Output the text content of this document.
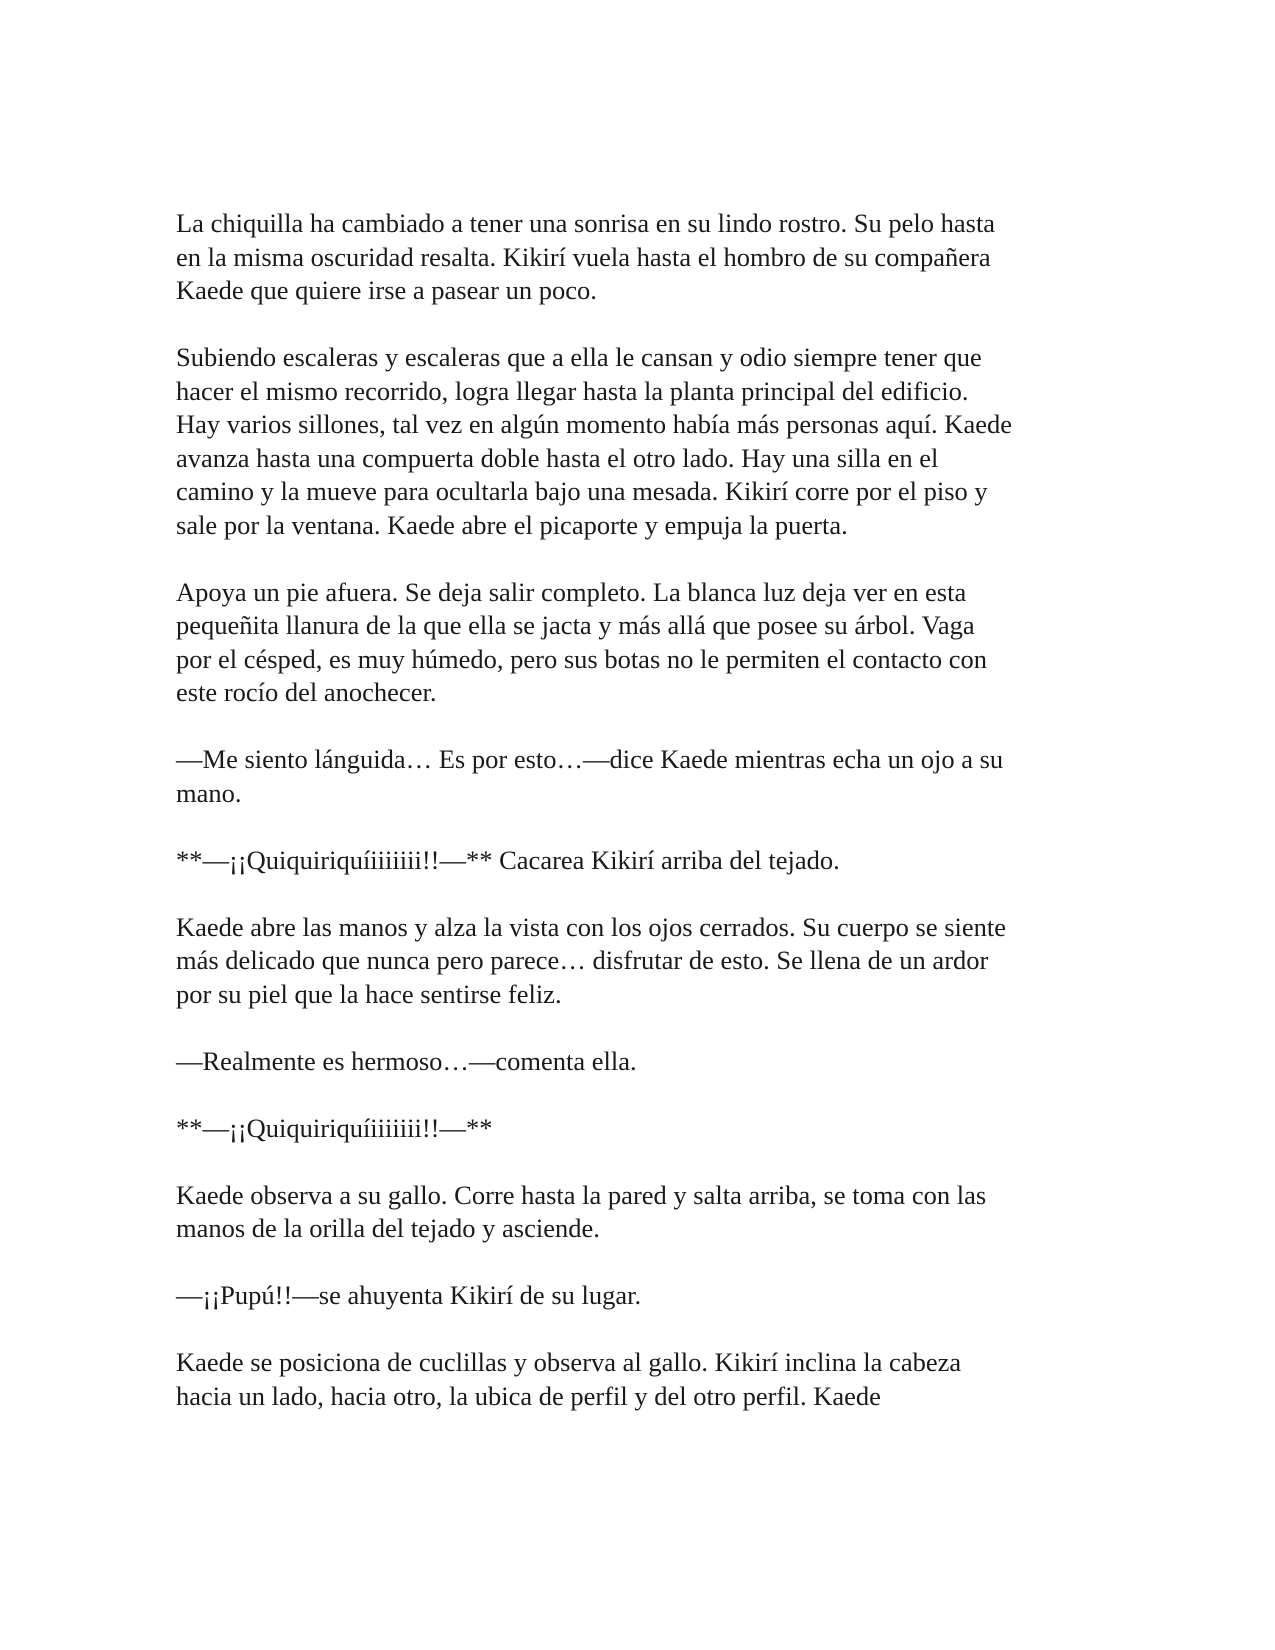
La chiquilla ha cambiado a tener una sonrisa en su lindo rostro. Su pelo hasta
en la misma oscuridad resalta. Kikirí vuela hasta el hombro de su compañera
Kaede que quiere irse a pasear un poco.

Subiendo escaleras y escaleras que a ella le cansan y odio siempre tener que
hacer el mismo recorrido, logra llegar hasta la planta principal del edificio.
Hay varios sillones, tal vez en algún momento había más personas aquí. Kaede
avanza hasta una compuerta doble hasta el otro lado. Hay una silla en el
camino y la mueve para ocultarla bajo una mesada. Kikirí corre por el piso y
sale por la ventana. Kaede abre el picaporte y empuja la puerta.

Apoya un pie afuera. Se deja salir completo. La blanca luz deja ver en esta
pequeñita llanura de la que ella se jacta y más allá que posee su árbol. Vaga
por el césped, es muy húmedo, pero sus botas no le permiten el contacto con
este rocío del anochecer.

—Me siento lánguida… Es por esto…—dice Kaede mientras echa un ojo a su
mano.

**—¡¡Quiquiriquíiiiiiii!!—** Cacarea Kikirí arriba del tejado.

Kaede abre las manos y alza la vista con los ojos cerrados. Su cuerpo se siente
más delicado que nunca pero parece… disfrutar de esto. Se llena de un ardor
por su piel que la hace sentirse feliz.

—Realmente es hermoso…—comenta ella.

**—¡¡Quiquiriquíiiiiiii!!—**

Kaede observa a su gallo. Corre hasta la pared y salta arriba, se toma con las
manos de la orilla del tejado y asciende.

—¡¡Pupú!!—se ahuyenta Kikirí de su lugar.

Kaede se posiciona de cuclillas y observa al gallo. Kikirí inclina la cabeza
hacia un lado, hacia otro, la ubica de perfil y del otro perfil. Kaede
